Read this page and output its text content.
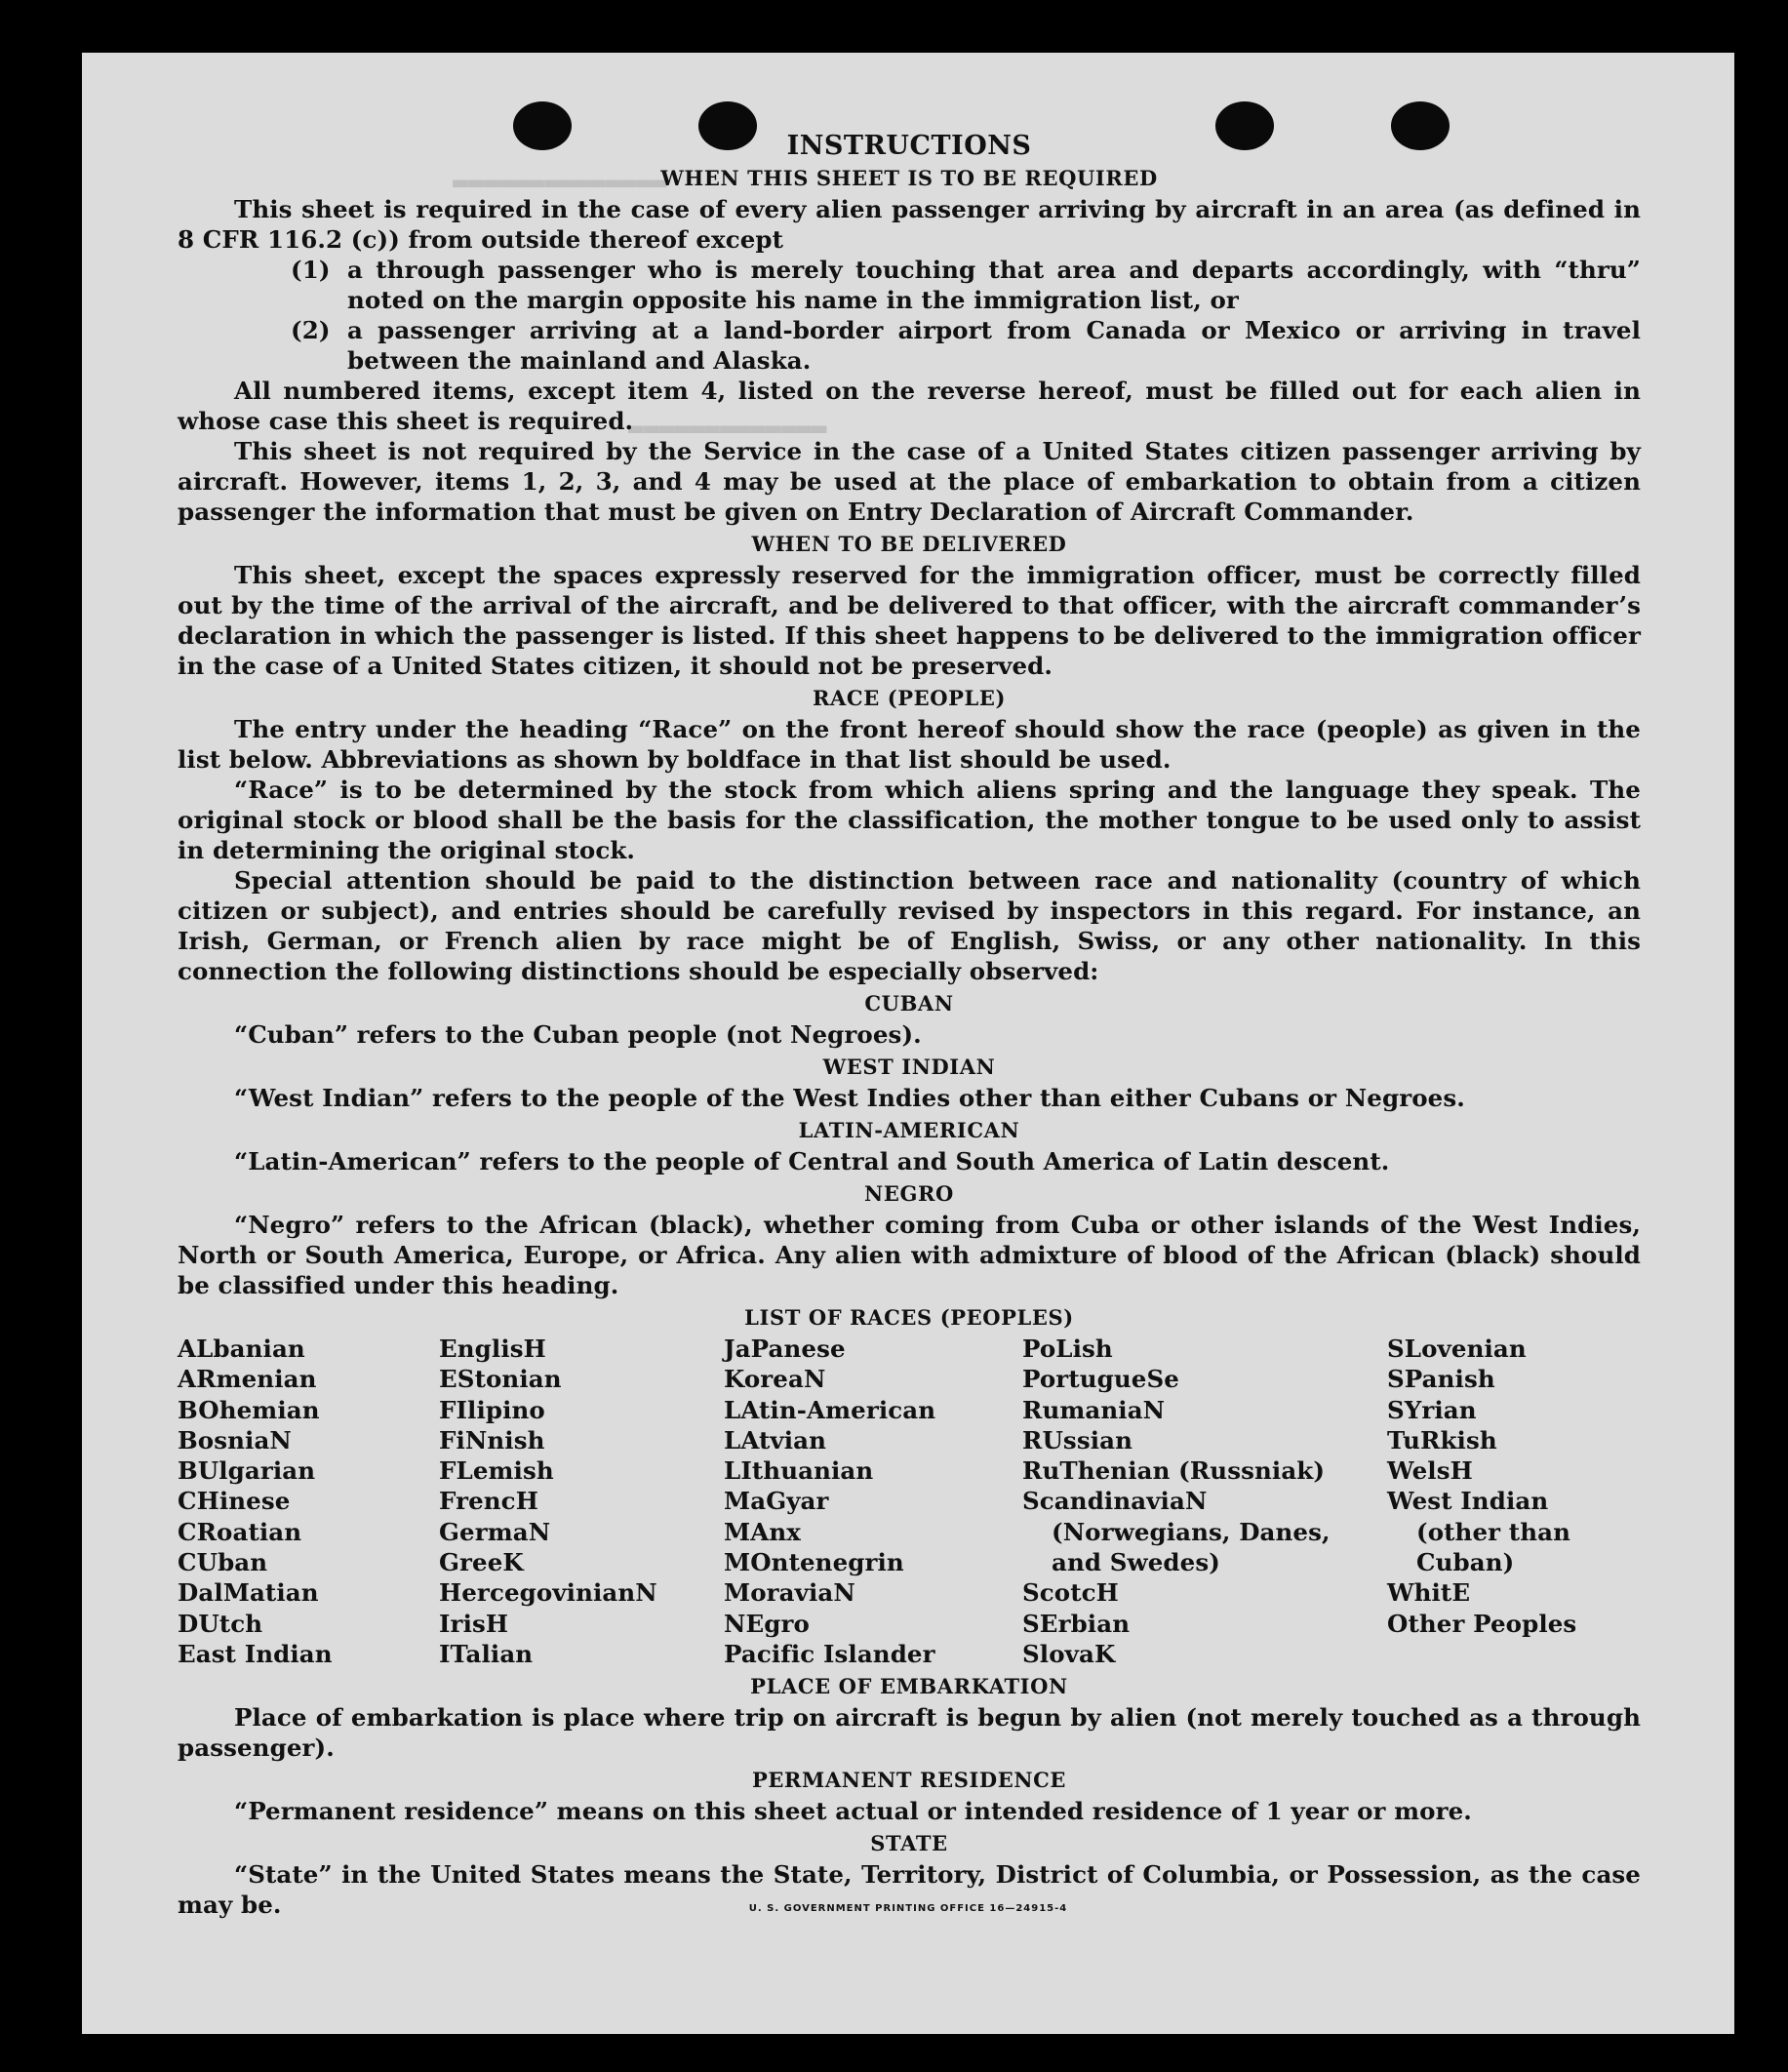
▬▬▬▬▬▬▬▬▬▬▬▬▬▬
▬▬▬▬▬▬▬▬▬▬▬▬▬
INSTRUCTIONS
WHEN THIS SHEET IS TO BE REQUIRED

This sheet is required in the case of every alien passenger arriving by aircraft in an area (as defined in 8 CFR 116.2 (c)) from outside thereof except

(1) a through passenger who is merely touching that area and departs accordingly, with “thru” noted on the margin opposite his name in the immigration list, or

(2) a passenger arriving at a land-border airport from Canada or Mexico or arriving in travel between the mainland and Alaska.

All numbered items, except item 4, listed on the reverse hereof, must be filled out for each alien in whose case this sheet is required.

This sheet is not required by the Service in the case of a United States citizen passenger arriving by aircraft. However, items 1, 2, 3, and 4 may be used at the place of embarkation to obtain from a citizen passenger the information that must be given on Entry Declaration of Aircraft Commander.

WHEN TO BE DELIVERED

This sheet, except the spaces expressly reserved for the immigration officer, must be correctly filled out by the time of the arrival of the aircraft, and be delivered to that officer, with the aircraft commander’s declaration in which the passenger is listed. If this sheet happens to be delivered to the immigration officer in the case of a United States citizen, it should not be preserved.

RACE (PEOPLE)

The entry under the heading “Race” on the front hereof should show the race (people) as given in the list below. Abbreviations as shown by boldface in that list should be used.

“Race” is to be determined by the stock from which aliens spring and the language they speak. The original stock or blood shall be the basis for the classification, the mother tongue to be used only to assist in determining the original stock.

Special attention should be paid to the distinction between race and nationality (country of which citizen or subject), and entries should be carefully revised by inspectors in this regard. For instance, an Irish, German, or French alien by race might be of English, Swiss, or any other nationality. In this connection the following distinctions should be especially observed:

CUBAN

“Cuban” refers to the Cuban people (not Negroes).

WEST INDIAN

“West Indian” refers to the people of the West Indies other than either Cubans or Negroes.

LATIN-AMERICAN

“Latin-American” refers to the people of Central and South America of Latin descent.

NEGRO

“Negro” refers to the African (black), whether coming from Cuba or other islands of the West Indies, North or South America, Europe, or Africa. Any alien with admixture of blood of the African (black) should be classified under this heading.

LIST OF RACES (PEOPLES)
ALbanian
ARmenian
BOhemian
BosniaN
BUlgarian
CHinese
CRoatian
CUban
DalMatian
DUtch
East Indian
EnglisH
EStonian
FIlipino
FiNnish
FLemish
FrencH
GermaN
GreeK
HercegovinianN
IrisH
ITalian
JaPanese
KoreaN
LAtin-American
LAtvian
LIthuanian
MaGyar
MAnx
MOntenegrin
MoraviaN
NEgro
Pacific Islander
PoLish
PortugueSe
RumaniaN
RUssian
RuThenian (Russniak)
ScandinaviaN (Norwegians, Danes, and Swedes)
ScotcH
SErbian
SlovaK
SLovenian
SPanish
SYrian
TuRkish
WelsH
West Indian (other than Cuban)
WhitE
Other Peoples
PLACE OF EMBARKATION

Place of embarkation is place where trip on aircraft is begun by alien (not merely touched as a through passenger).

PERMANENT RESIDENCE

“Permanent residence” means on this sheet actual or intended residence of 1 year or more.

STATE

“State” in the United States means the State, Territory, District of Columbia, or Possession, as the case may be.	U. S. GOVERNMENT PRINTING OFFICE 16—24915-4
